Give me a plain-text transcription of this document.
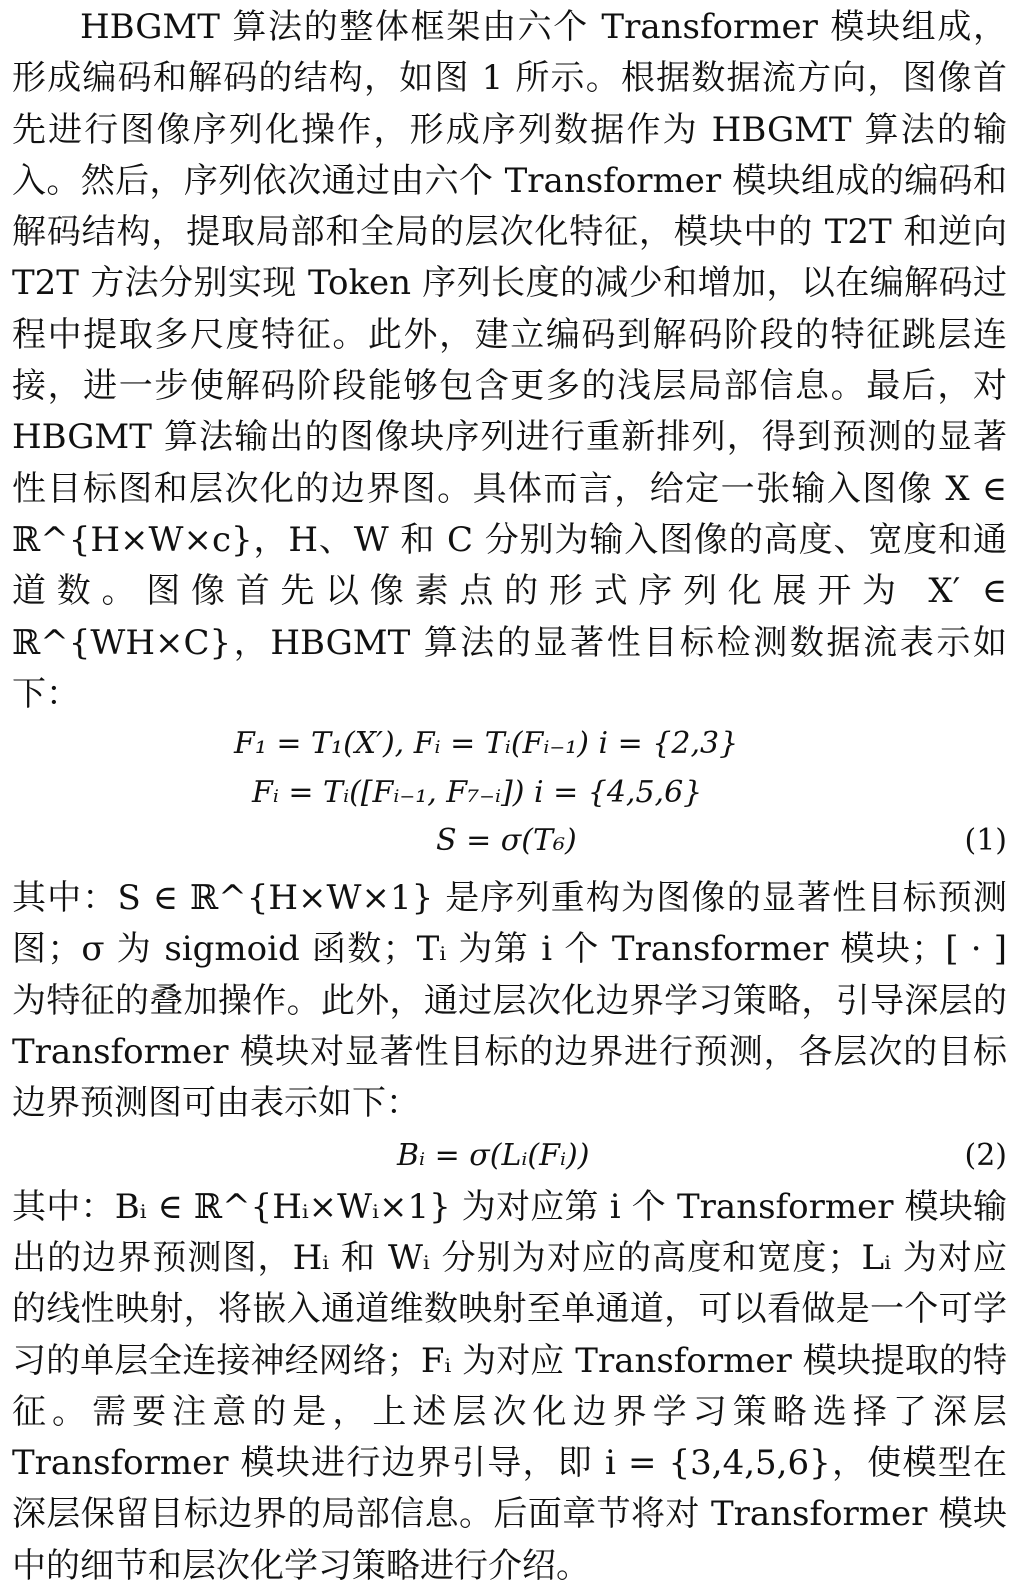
HBGMT 算法的整体框架由六个 Transformer 模块组成，形成编码和解码的结构，如图 1 所示。根据数据流方向，图像首先进行图像序列化操作，形成序列数据作为 HBGMT 算法的输入。然后，序列依次通过由六个 Transformer 模块组成的编码和解码结构，提取局部和全局的层次化特征，模块中的 T2T 和逆向 T2T 方法分别实现 Token 序列长度的减少和增加，以在编解码过程中提取多尺度特征。此外，建立编码到解码阶段的特征跳层连接，进一步使解码阶段能够包含更多的浅层局部信息。最后，对 HBGMT 算法输出的图像块序列进行重新排列，得到预测的显著性目标图和层次化的边界图。具体而言，给定一张输入图像 X ∈ ℝ^{H×W×c}，H、W 和 C 分别为输入图像的高度、宽度和通道数。图像首先以像素点的形式序列化展开为 X′ ∈ ℝ^{WH×C}，HBGMT 算法的显著性目标检测数据流表示如下：

F₁ = T₁(X′), Fᵢ = Tᵢ(Fᵢ₋₁) i = {2,3}
Fᵢ = Tᵢ([Fᵢ₋₁, F₇₋ᵢ]) i = {4,5,6}
S = σ(T₆)	(1)

其中：S ∈ ℝ^{H×W×1} 是序列重构为图像的显著性目标预测图；σ 为 sigmoid 函数；Tᵢ 为第 i 个 Transformer 模块；[ · ] 为特征的叠加操作。此外，通过层次化边界学习策略，引导深层的Transformer 模块对显著性目标的边界进行预测，各层次的目标边界预测图可由表示如下：

Bᵢ = σ(Lᵢ(Fᵢ))	(2)

其中：Bᵢ ∈ ℝ^{Hᵢ×Wᵢ×1} 为对应第 i 个 Transformer 模块输出的边界预测图，Hᵢ 和 Wᵢ 分别为对应的高度和宽度；Lᵢ 为对应的线性映射，将嵌入通道维数映射至单通道，可以看做是一个可学习的单层全连接神经网络；Fᵢ 为对应 Transformer 模块提取的特征。需要注意的是，上述层次化边界学习策略选择了深层 Transformer 模块进行边界引导，即 i = {3,4,5,6}，使模型在深层保留目标边界的局部信息。后面章节将对 Transformer 模块中的细节和层次化学习策略进行介绍。
